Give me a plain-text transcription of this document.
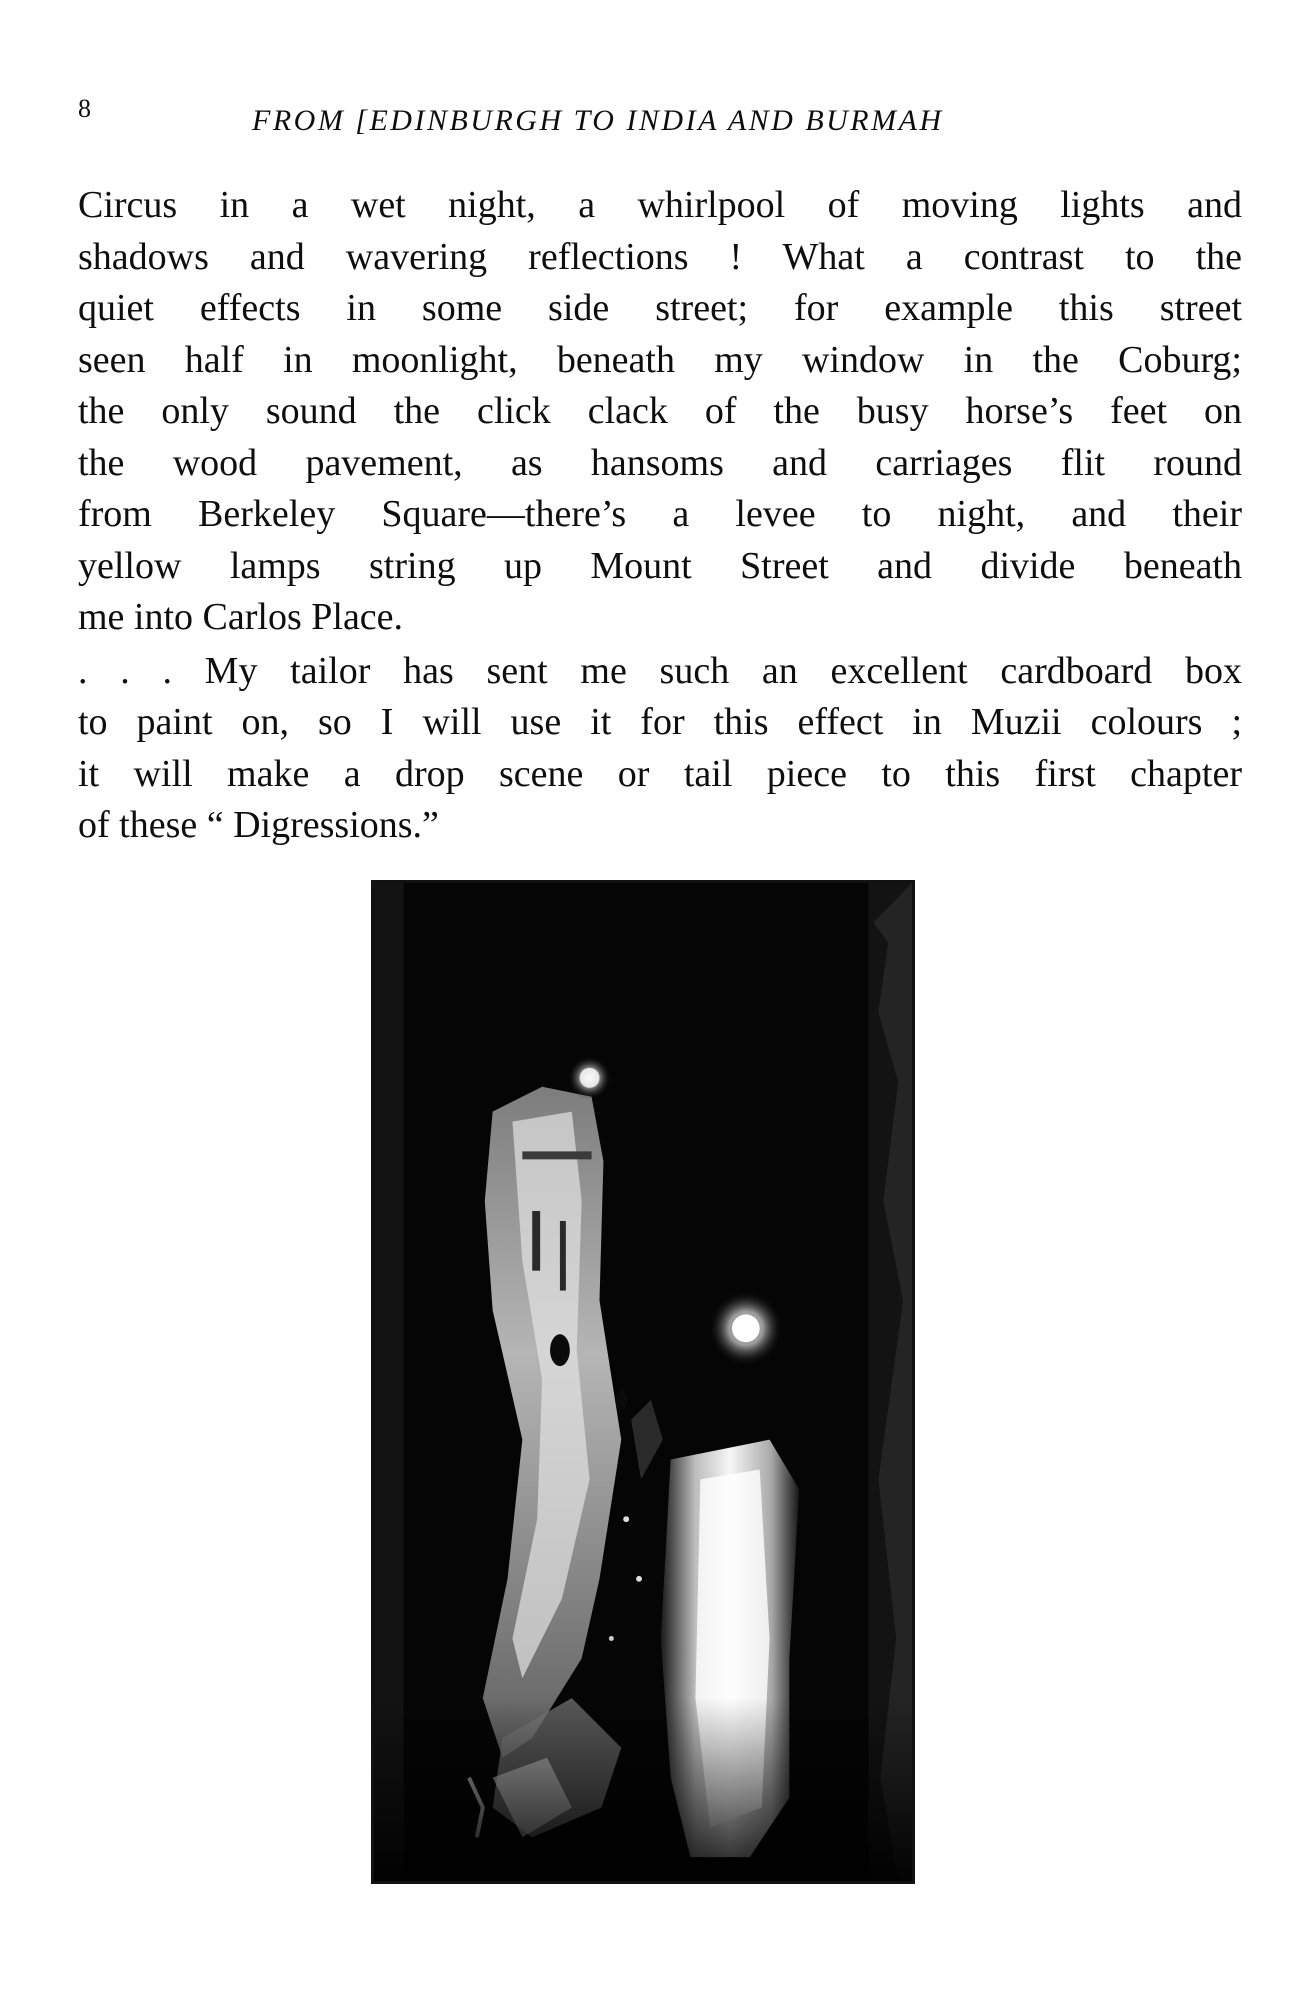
8	FROM [EDINBURGH TO INDIA AND BURMAH
Circus in a wet night, a whirlpool of moving lights and
shadows and wavering reflections ! What a contrast to the
quiet effects in some side street; for example this street
seen half in moonlight, beneath my window in the Coburg;
the only sound the click clack of the busy horse’s feet on
the wood pavement, as hansoms and carriages flit round
from Berkeley Square—there’s a levee to night, and their
yellow lamps string up Mount Street and divide beneath
me into Carlos Place.
. . . My tailor has sent me such an excellent cardboard box
to paint on, so I will use it for this effect in Muzii colours ;
it will make a drop scene or tail piece to this first chapter
of these “ Digressions.”
